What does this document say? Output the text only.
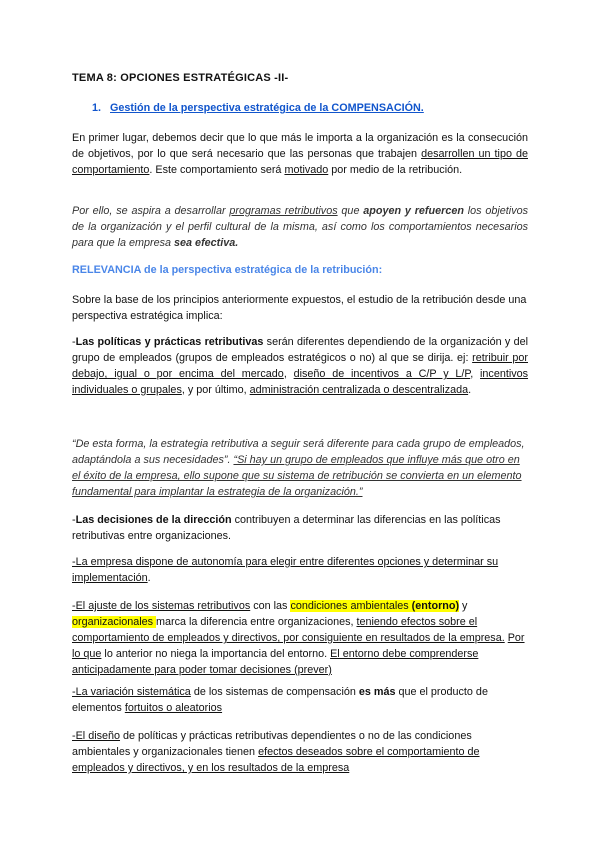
TEMA 8: OPCIONES ESTRATÉGICAS -II-
1. Gestión de la perspectiva estratégica de la COMPENSACIÓN.
En primer lugar, debemos decir que lo que más le importa a la organización es la consecución de objetivos, por lo que será necesario que las personas que trabajen desarrollen un tipo de comportamiento. Este comportamiento será motivado por medio de la retribución.
Por ello, se aspira a desarrollar programas retributivos que apoyen y refuercen los objetivos de la organización y el perfil cultural de la misma, así como los comportamientos necesarios para que la empresa sea efectiva.
RELEVANCIA de la perspectiva estratégica de la retribución:
Sobre la base de los principios anteriormente expuestos, el estudio de la retribución desde una perspectiva estratégica implica:
-Las políticas y prácticas retributivas serán diferentes dependiendo de la organización y del grupo de empleados (grupos de empleados estratégicos o no) al que se dirija. ej: retribuir por debajo, igual o por encima del mercado, diseño de incentivos a C/P y L/P, incentivos individuales o grupales, y por último, administración centralizada o descentralizada.
“De esta forma, la estrategia retributiva a seguir será diferente para cada grupo de empleados, adaptándola a sus necesidades”. “Si hay un grupo de empleados que influye más que otro en el éxito de la empresa, ello supone que su sistema de retribución se convierta en un elemento fundamental para implantar la estrategia de la organización.”
-Las decisiones de la dirección contribuyen a determinar las diferencias en las políticas retributivas entre organizaciones.
-La empresa dispone de autonomía para elegir entre diferentes opciones y determinar su implementación.
-El ajuste de los sistemas retributivos con las condiciones ambientales (entorno) y organizacionales marca la diferencia entre organizaciones, teniendo efectos sobre el comportamiento de empleados y directivos, por consiguiente en resultados de la empresa. Por lo que lo anterior no niega la importancia del entorno. El entorno debe comprenderse anticipadamente para poder tomar decisiones (prever)
-La variación sistemática de los sistemas de compensación es más que el producto de elementos fortuitos o aleatorios
-El diseño de políticas y prácticas retributivas dependientes o no de las condiciones ambientales y organizacionales tienen efectos deseados sobre el comportamiento de empleados y directivos, y en los resultados de la empresa
